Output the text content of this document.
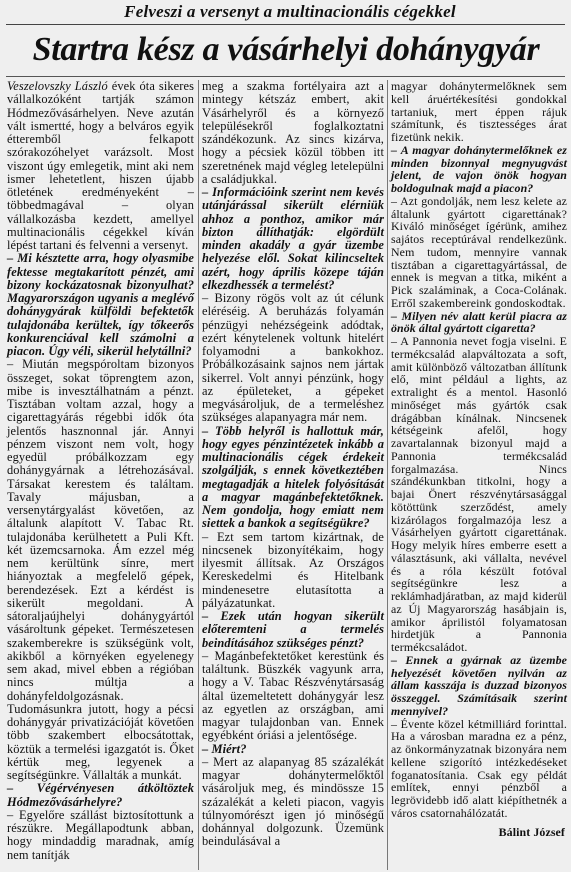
Felveszi a versenyt a multinacionális cégekkel
Startra kész a vásárhelyi dohánygyár

Veszelovszky László évek óta sikeres vállalkozóként tartják számon Hódmezővásárhelyen. Neve azután vált ismertté, hogy a belváros egyik étteremből felkapott szórakozóhelyet varázsolt. Most viszont úgy emlegetik, mint aki nem ismer lehetetlent, hiszen újabb ötletének eredményeként – többedmagával – olyan vállalkozásba kezdett, amellyel multinacionális cégekkel kíván lépést tartani és felvenni a versenyt.

– Mi késztette arra, hogy olyasmibe fektesse megtakarított pénzét, ami bizony kockázatosnak bizonyulhat? Magyarországon ugyanis a meglévő dohánygyárak külföldi befektetők tulajdonába kerültek, így tőkeerős konkurenciával kell számolni a piacon. Úgy véli, sikerül helytállni?

– Miután megspóroltam bizonyos összeget, sokat töprengtem azon, mibe is invesztálhatnám a pénzt. Tisztában voltam azzal, hogy a cigarettagyárás régebbi idők óta jelentős hasznonnal jár. Annyi pénzem viszont nem volt, hogy egyedül próbálkozzam egy dohánygyárnak a létrehozásával. Társakat kerestem és találtam. Tavaly májusban, a versenytárgyalást követően, az általunk alapított V. Tabac Rt. tulajdonába kerülhetett a Puli Kft. két üzemcsarnoka. Ám ezzel még nem kerültünk sínre, mert hiányoztak a megfelelő gépek, berendezések. Ezt a kérdést is sikerült megoldani. A sátoraljaújhelyi dohánygyártól vásároltunk gépeket. Természetesen szakemberekre is szükségünk volt, akikből a környéken egyelenegy sem akad, mivel ebben a régióban nincs múltja a dohányfeldolgozásnak. Tudomásunkra jutott, hogy a pécsi dohánygyár privatizációját követően több szakembert elbocsátottak, köztük a termelési igazgatót is. Őket kértük meg, legyenek a segítségünkre. Vállalták a munkát.

– Végérvényesen átköltöztek Hódmezővásárhelyre?

– Egyelőre szállást biztosítottunk a részükre. Megállapodtunk abban, hogy mindaddig maradnak, amíg nem tanítják

meg a szakma fortélyaira azt a mintegy kétszáz embert, akit Vásárhelyről és a környező településekről foglalkoztatni szándékozunk. Az sincs kizárva, hogy a pécsiek közül többen itt szeretnének majd végleg letelepülni a családjukkal.

– Információink szerint nem kevés utánjárással sikerült elérniük ahhoz a ponthoz, amikor már bizton állíthatják: elgördült minden akadály a gyár üzembe helyezése elől. Sokat kilincseltek azért, hogy április közepe táján elkezdhessék a termelést?

– Bizony rögös volt az út célunk eléréséig. A beruházás folyamán pénzügyi nehézségeink adódtak, ezért kénytelenek voltunk hitelért folyamodni a bankokhoz. Próbálkozásaink sajnos nem jártak sikerrel. Volt annyi pénzünk, hogy az épületeket, a gépeket megvásároljuk, de a termeléshez szükséges alapanyagra már nem.

– Több helyről is hallottuk már, hogy egyes pénzintézetek inkább a multinacionális cégek érdekeit szolgálják, s ennek következtében megtagadják a hitelek folyósítását a magyar magánbefektetőknek. Nem gondolja, hogy emiatt nem siettek a bankok a segítségükre?

– Ezt sem tartom kizártnak, de nincsenek bizonyítékaim, hogy ilyesmit állítsak. Az Országos Kereskedelmi és Hitelbank mindenesetre elutasította a pályázatunkat.

– Ezek után hogyan sikerült előteremteni a termelés beindításához szükséges pénzt?

– Magánbefektetőket kerestünk és találtunk. Büszkék vagyunk arra, hogy a V. Tabac Részvénytársaság által üzemeltetett dohánygyár lesz az egyetlen az országban, ami magyar tulajdonban van. Ennek egyébként óriási a jelentősége.

– Miért?

– Mert az alapanyag 85 százalékát magyar dohánytermelőktől vásároljuk meg, és mindössze 15 százalékát a keleti piacon, vagyis túlnyomórészt igen jó minőségű dohánnyal dolgozunk. Üzemünk beindulásával a

magyar dohánytermelőknek sem kell áruértékesítési gondokkal tartaniuk, mert éppen rájuk számítunk, és tisztességes árat fizetünk nekik.

– A magyar dohánytermelőknek ez minden bizonnyal megnyugvást jelent, de vajon önök hogyan boldogulnak majd a piacon?

– Azt gondolják, nem lesz kelete az általunk gyártott cigarettának? Kiváló minőséget ígérünk, amihez sajátos receptúrával rendelkezünk. Nem tudom, mennyire vannak tisztában a cigarettagyártással, de ennek is megvan a titka, miként a Pick szaláminak, a Coca-Colának. Erről szakembereink gondoskodtak.

– Milyen név alatt kerül piacra az önök által gyártott cigaretta?

– A Pannonia nevet fogja viselni. E termékcsalád alapváltozata a soft, amit különböző változatban állítunk elő, mint például a lights, az extralight és a mentol. Hasonló minőséget más gyártók csak drágábban kínálnak. Nincsenek kétségeink afelől, hogy zavartalannak bizonyul majd a Pannonia termékcsalád forgalmazása. Nincs szándékunkban titkolni, hogy a bajai Önert részvénytársasággal kötöttünk szerződést, amely kizárólagos forgalmazója lesz a Vásárhelyen gyártott cigarettának. Hogy melyik híres emberre esett a választásunk, aki vállalta, nevével és a róla készült fotóval segítségünkre lesz a reklámhadjáratban, az majd kiderül az Új Magyarország hasábjain is, amikor áprilistól folyamatosan hirdetjük a Pannonia termékcsaládot.

– Ennek a gyárnak az üzembe helyezését követően nyilván az állam kasszája is duzzad bizonyos összeggel. Számításaik szerint mennyivel?

– Évente közel kétmilliárd forinttal. Ha a városban maradna ez a pénz, az önkormányzatnak bizonyára nem kellene szigorító intézkedéseket foganatosítania. Csak egy példát említek, ennyi pénzből a legrövidebb idő alatt kiépíthetnék a város csatornahálózatát.

Bálint József
